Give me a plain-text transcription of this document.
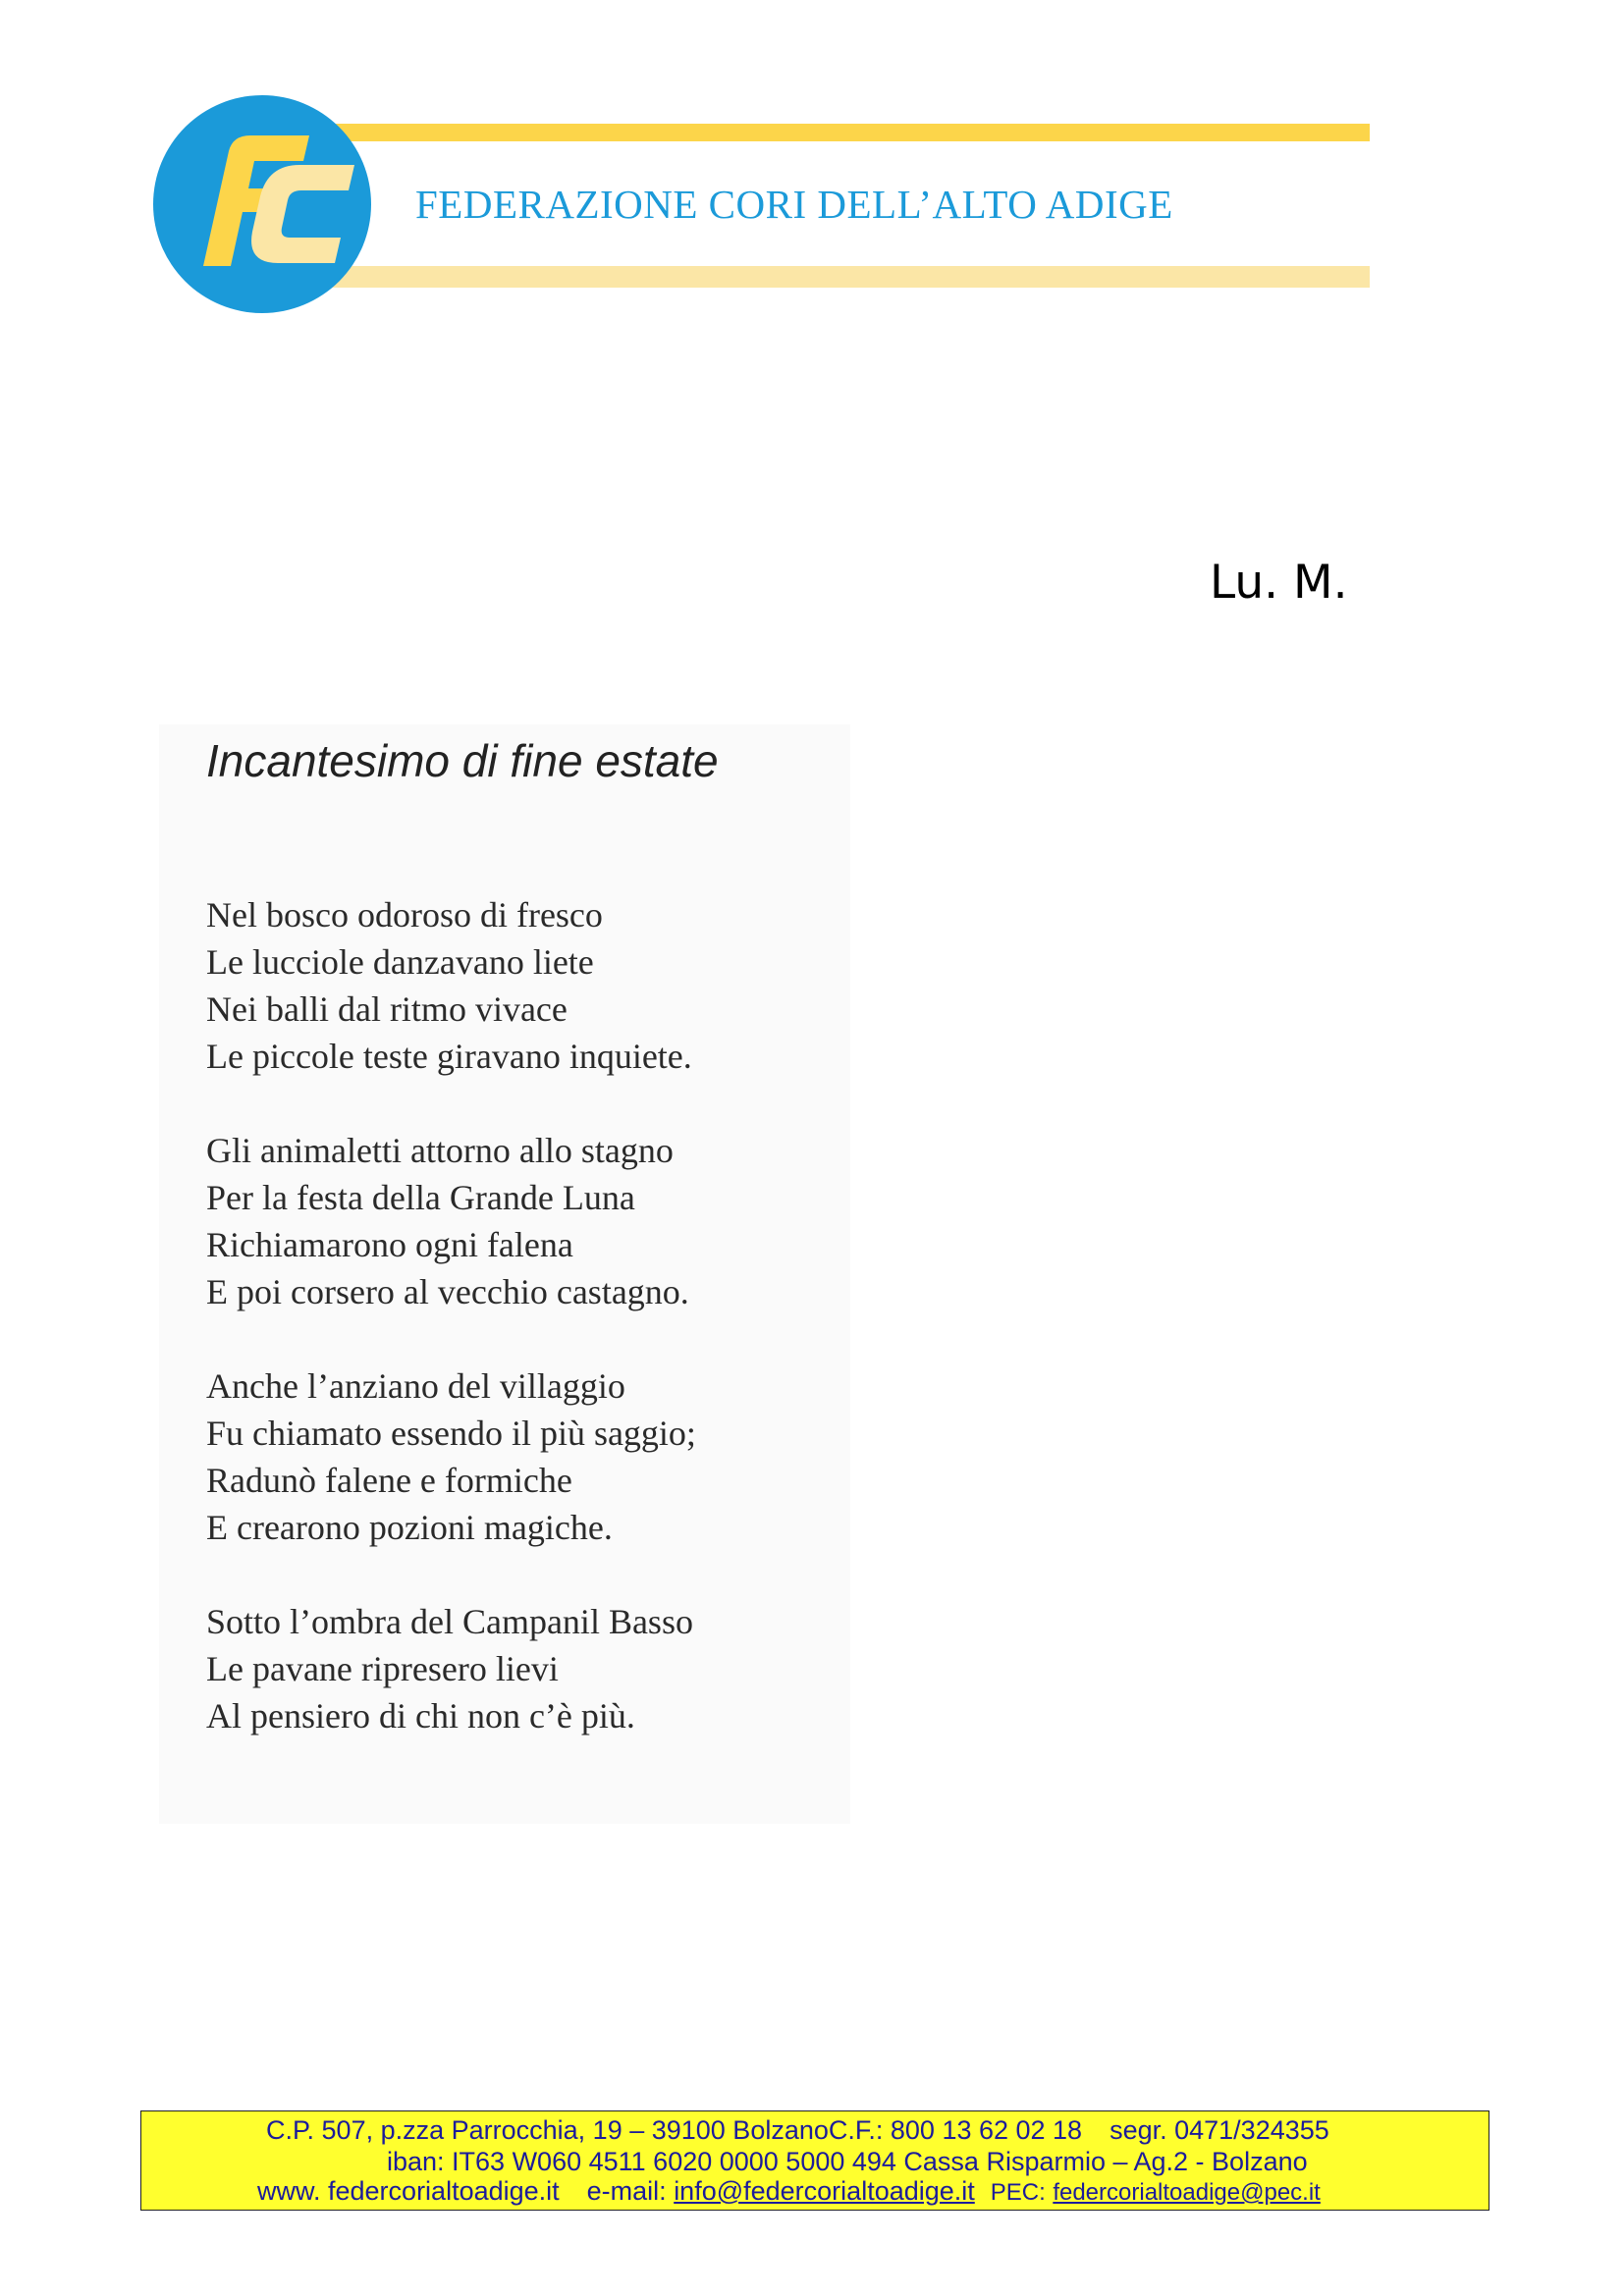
FEDERAZIONE CORI DELL’ALTO ADIGE
Lu. M.
Incantesimo di fine estate
Nel bosco odoroso di fresco
Le lucciole danzavano liete
Nei balli dal ritmo vivace
Le piccole teste giravano inquiete.
Gli animaletti attorno allo stagno
Per la festa della Grande Luna
Richiamarono ogni falena
E poi corsero al vecchio castagno.
Anche l’anziano del villaggio
Fu chiamato essendo il più saggio;
Radunò falene e formiche
E crearono pozioni magiche.
Sotto l’ombra del Campanil Basso
Le pavane ripresero lievi
Al pensiero di chi non c’è più.
C.P. 507, p.zza Parrocchia, 19 – 39100 BolzanoC.F.: 800 13 62 02 18 segr. 0471/324355
iban: IT63 W060 4511 6020 0000 5000 494 Cassa Risparmio – Ag.2 - Bolzano
www. federcorialtoadige.it e-mail: info@federcorialtoadige.it PEC: federcorialtoadige@pec.it
